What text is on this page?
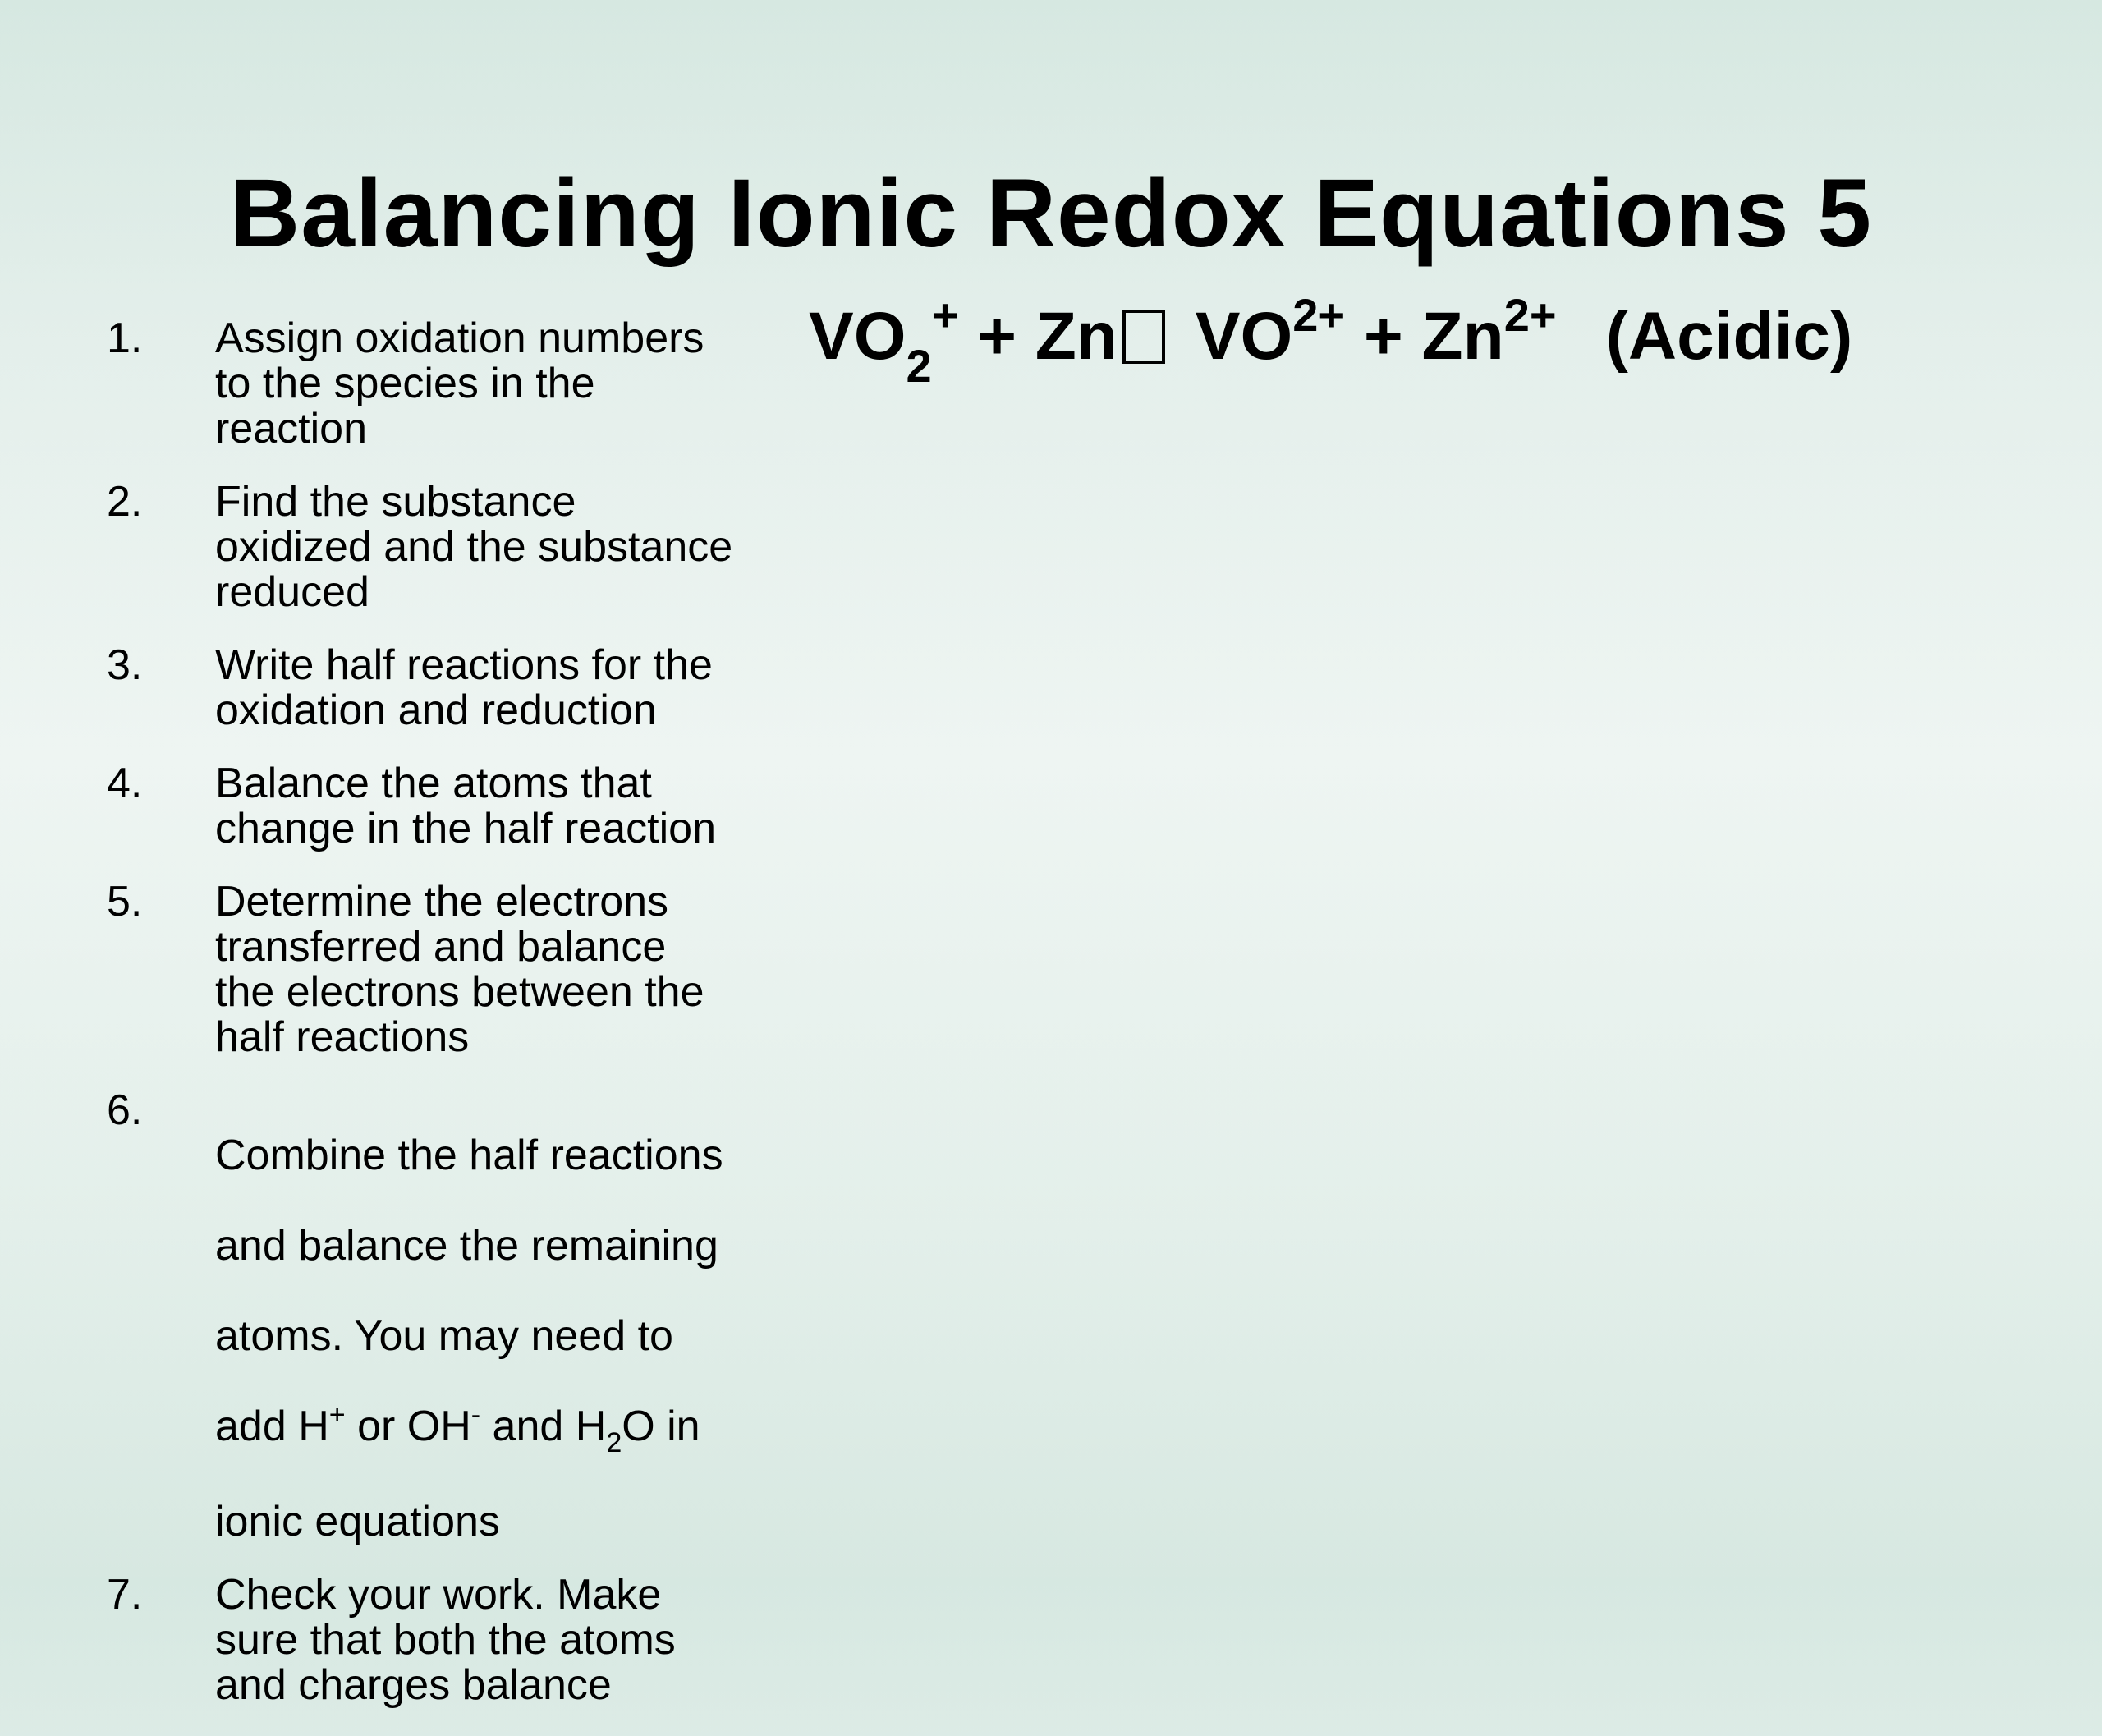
Balancing Ionic Redox Equations 5
$VO_2^+ + Zn$ $VO^{2+} + Zn^{2+}$ (Acidic)
1.	Assign oxidation numbers
to the species in the
reaction
2.	Find the substance
oxidized and the substance
reduced
3.	Write half reactions for the
oxidation and reduction
4.	Balance the atoms that
change in the half reaction
5.	Determine the electrons
transferred and balance
the electrons between the
half reactions
6.

Combine the half reactions

and balance the remaining

atoms. You may need to

add H+ or OH- and $H_2O$ in

ionic equations

7.	Check your work. Make
sure that both the atoms
and charges balance
